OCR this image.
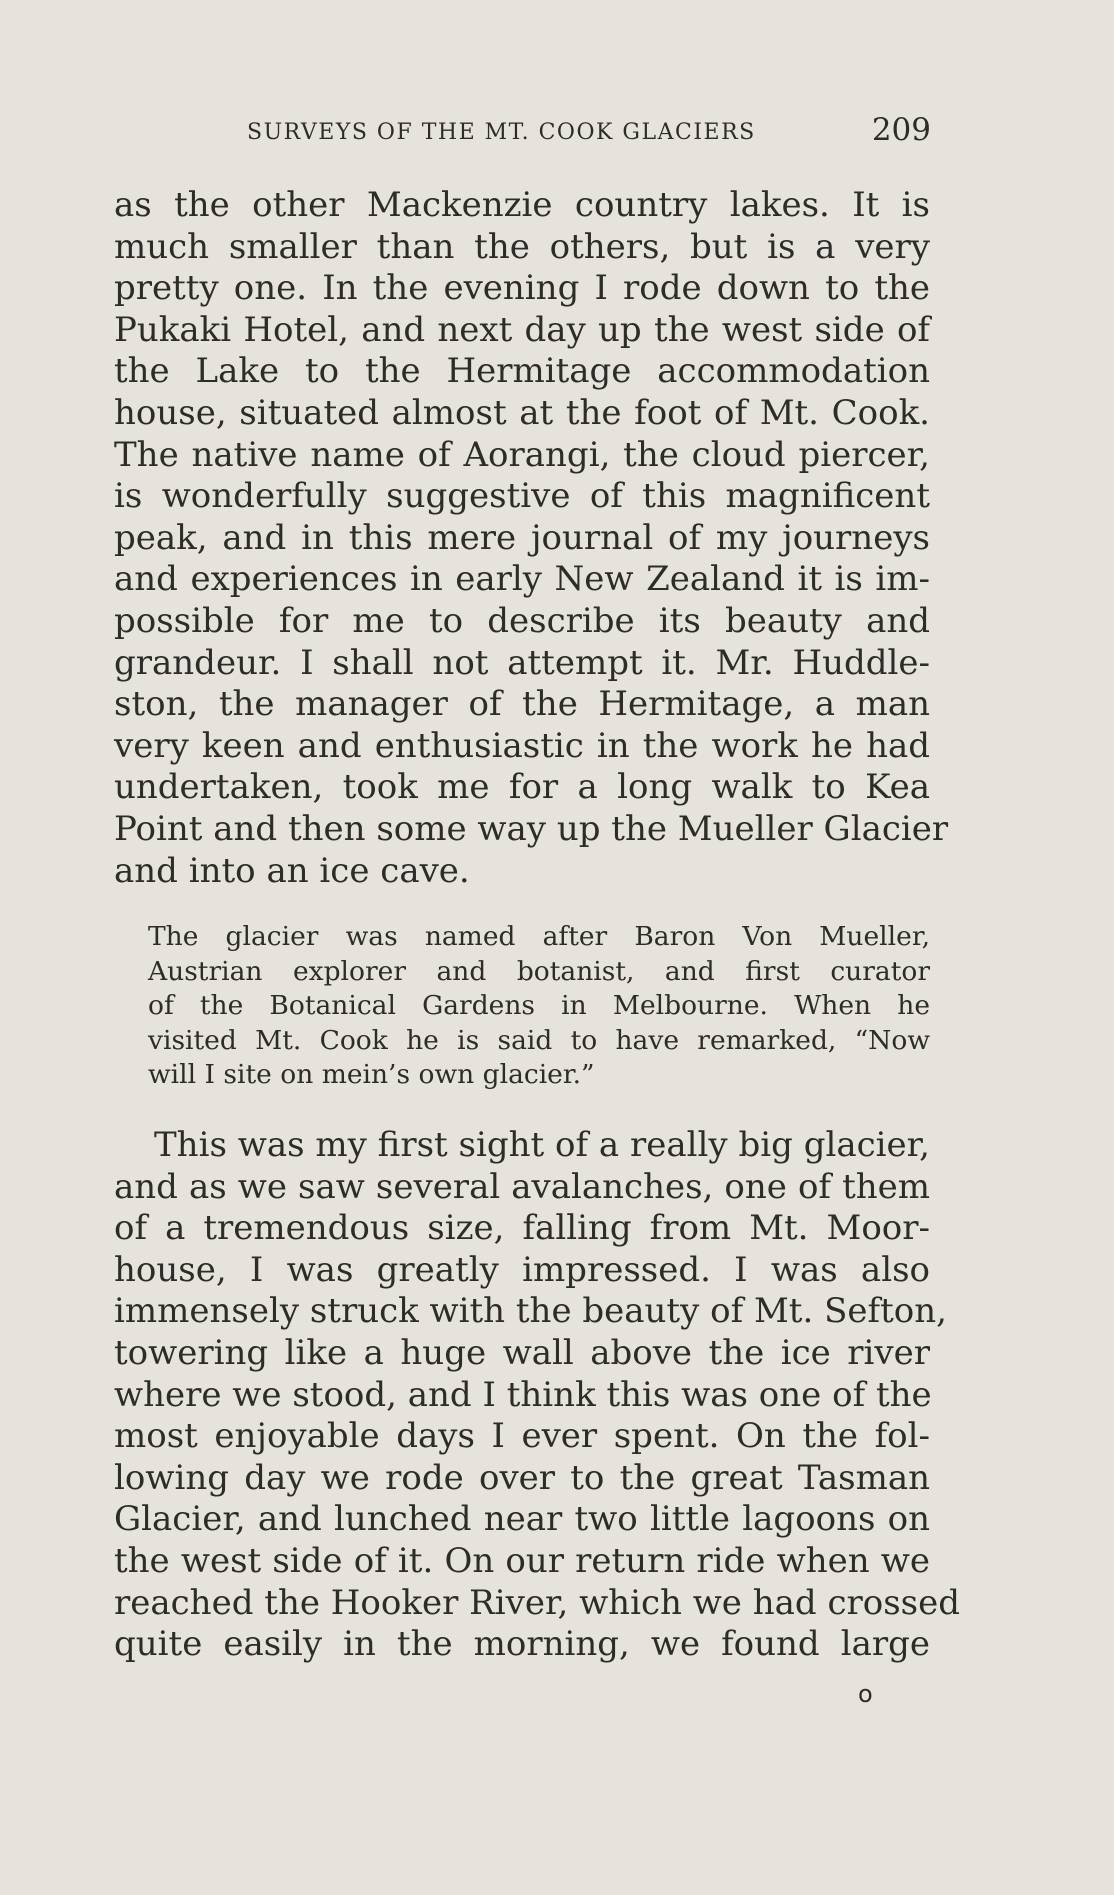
SURVEYS OF THE MT. COOK GLACIERS	209
as the other Mackenzie country lakes. It is
much smaller than the others, but is a very
pretty one. In the evening I rode down to the
Pukaki Hotel, and next day up the west side of
the Lake to the Hermitage accommodation
house, situated almost at the foot of Mt. Cook.
The native name of Aorangi, the cloud piercer,
is wonderfully suggestive of this magnificent
peak, and in this mere journal of my journeys
and experiences in early New Zealand it is im-
possible for me to describe its beauty and
grandeur. I shall not attempt it. Mr. Huddle-
ston, the manager of the Hermitage, a man
very keen and enthusiastic in the work he had
undertaken, took me for a long walk to Kea
Point and then some way up the Mueller Glacier
and into an ice cave.
The glacier was named after Baron Von Mueller,
Austrian explorer and botanist, and first curator
of the Botanical Gardens in Melbourne. When he
visited Mt. Cook he is said to have remarked, “Now
will I site on mein’s own glacier.”
This was my first sight of a really big glacier,
and as we saw several avalanches, one of them
of a tremendous size, falling from Mt. Moor-
house, I was greatly impressed. I was also
immensely struck with the beauty of Mt. Sefton,
towering like a huge wall above the ice river
where we stood, and I think this was one of the
most enjoyable days I ever spent. On the fol-
lowing day we rode over to the great Tasman
Glacier, and lunched near two little lagoons on
the west side of it. On our return ride when we
reached the Hooker River, which we had crossed
quite easily in the morning, we found large
o
